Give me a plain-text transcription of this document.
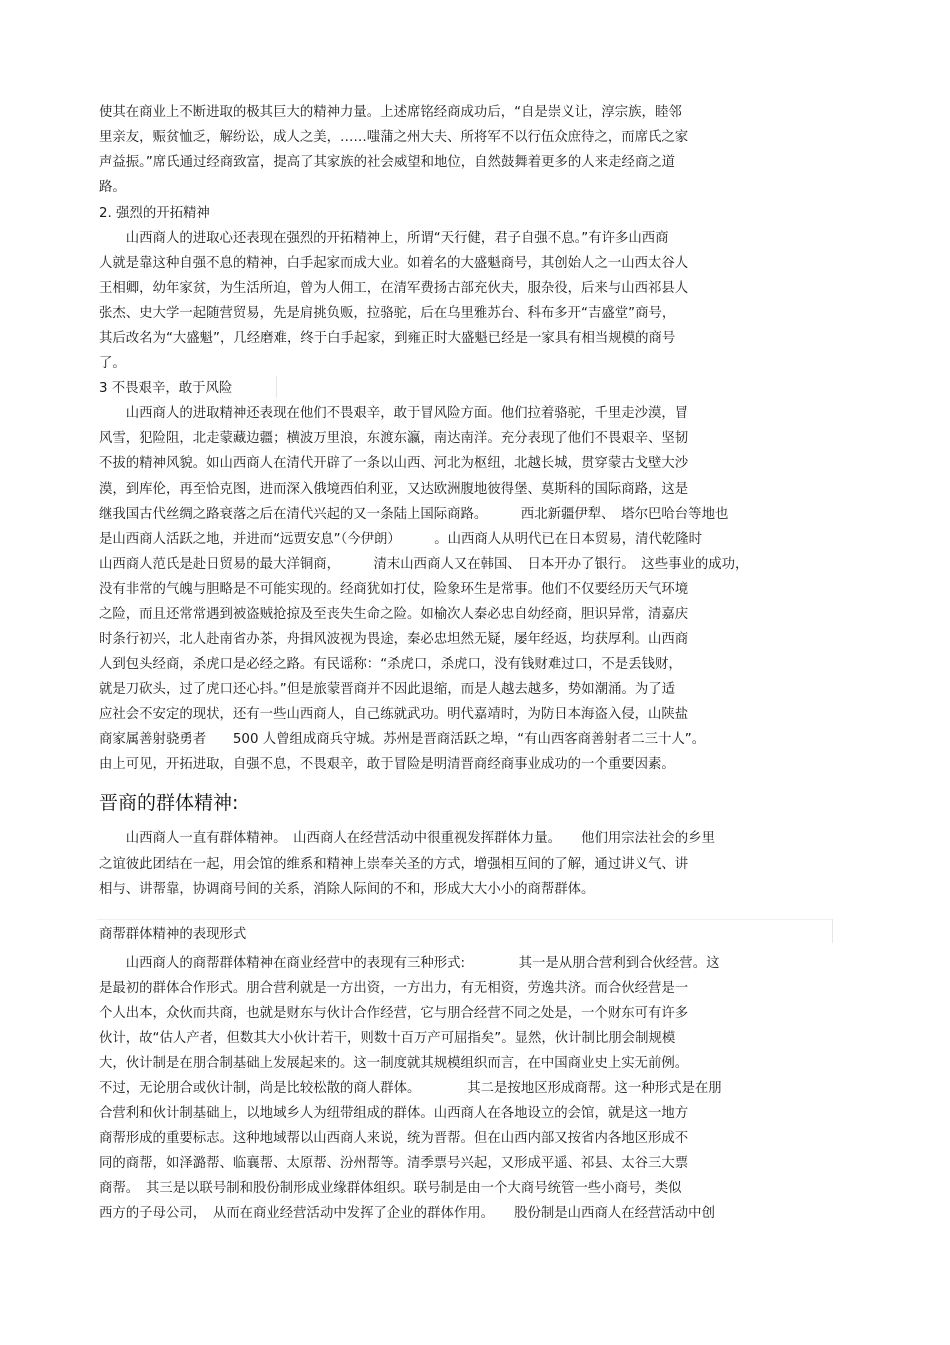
使其在商业上不断进取的极其巨大的精神力量。上述席铭经商成功后，“自是崇义让，淳宗族，睦邻
里亲友，赈贫恤乏，解纷讼，成人之美，……嗤蒲之州大夫、所将军不以行伍众庶待之，而席氏之家
声益振。”席氏通过经商致富，提高了其家族的社会威望和地位，自然鼓舞着更多的人来走经商之道
路。
2. 强烈的开拓精神
　　山西商人的进取心还表现在强烈的开拓精神上，所谓“天行健，君子自强不息。”有许多山西商
人就是靠这种自强不息的精神，白手起家而成大业。如着名的大盛魁商号，其创始人之一山西太谷人
王相卿，幼年家贫，为生活所迫，曾为人佣工，在清军费扬古部充伙夫，服杂役，后来与山西祁县人
张杰、史大学一起随营贸易，先是肩挑负贩，拉骆驼，后在乌里雅苏台、科布多开“吉盛堂”商号，
其后改名为“大盛魁”，几经磨难，终于白手起家，到雍正时大盛魁已经是一家具有相当规模的商号
了。
3 不畏艰辛，敢于风险
　　山西商人的进取精神还表现在他们不畏艰辛，敢于冒风险方面。他们拉着骆驼，千里走沙漠，冒
风雪，犯险阻，北走蒙藏边疆；横波万里浪，东渡东瀛，南达南洋。充分表现了他们不畏艰辛、坚韧
不拔的精神风貌。如山西商人在清代开辟了一条以山西、河北为枢纽，北越长城，贯穿蒙古戈壁大沙
漠，到库伦，再至恰克图，进而深入俄境西伯利亚，又达欧洲腹地彼得堡、莫斯科的国际商路，这是
继我国古代丝绸之路衰落之后在清代兴起的又一条陆上国际商路。　　　西北新疆伊犁、　塔尔巴哈台等地也
是山西商人活跃之地，并进而“远贾安息”（今伊朗）　　　。山西商人从明代已在日本贸易，清代乾隆时
山西商人范氏是赴日贸易的最大洋铜商，　　　清末山西商人又在韩国、　日本开办了银行。　这些事业的成功，
没有非常的气魄与胆略是不可能实现的。经商犹如打仗，险象环生是常事。他们不仅要经历天气环境
之险，而且还常常遇到被盗贼抢掠及至丧失生命之险。如榆次人秦必忠自幼经商，胆识异常，清嘉庆
时条行初兴，北人赴南省办茶，舟揖风波视为畏途，秦必忠坦然无疑，屡年经返，均获厚利。山西商
人到包头经商，杀虎口是必经之路。有民谣称：“杀虎口，杀虎口，没有钱财难过口，不是丢钱财，
就是刀砍头，过了虎口还心抖。”但是旅蒙晋商并不因此退缩，而是人越去越多，势如潮涌。为了适
应社会不安定的现状，还有一些山西商人，自己练就武功。明代嘉靖时，为防日本海盗入侵，山陕盐
商家属善射骁勇者　　500 人曾组成商兵守城。苏州是晋商活跃之埠，“有山西客商善射者二三十人”。
由上可见，开拓进取，自强不息，不畏艰辛，敢于冒险是明清晋商经商事业成功的一个重要因素。
晋商的群体精神:
　　山西商人一直有群体精神。　山西商人在经营活动中很重视发挥群体力量。　　他们用宗法社会的乡里
之谊彼此团结在一起，用会馆的维系和精神上崇奉关圣的方式，增强相互间的了解，通过讲义气、讲
相与、讲帮靠，协调商号间的关系，消除人际间的不和，形成大大小小的商帮群体。
商帮群体精神的表现形式
　　山西商人的商帮群体精神在商业经营中的表现有三种形式:　　　　其一是从朋合营利到合伙经营。这
是最初的群体合作形式。朋合营利就是一方出资，一方出力，有无相资，劳逸共济。而合伙经营是一
个人出本，众伙而共商，也就是财东与伙计合作经营，它与朋合经营不同之处是，一个财东可有许多
伙计，故“估人产者，但数其大小伙计若干，则数十百万产可屈指矣”。显然，伙计制比朋会制规模
大，伙计制是在朋合制基础上发展起来的。这一制度就其规模组织而言，在中国商业史上实无前例。
不过，无论朋合或伙计制，尚是比较松散的商人群体。　　　　其二是按地区形成商帮。这一种形式是在朋
合营利和伙计制基础上，以地域乡人为纽带组成的群体。山西商人在各地设立的会馆，就是这一地方
商帮形成的重要标志。这种地域帮以山西商人来说，统为晋帮。但在山西内部又按省内各地区形成不
同的商帮，如泽潞帮、临襄帮、太原帮、汾州帮等。清季票号兴起，又形成平遥、祁县、太谷三大票
商帮。　其三是以联号制和股份制形成业缘群体组织。联号制是由一个大商号统管一些小商号，类似
西方的子母公司，　从而在商业经营活动中发挥了企业的群体作用。　　股份制是山西商人在经营活动中创
